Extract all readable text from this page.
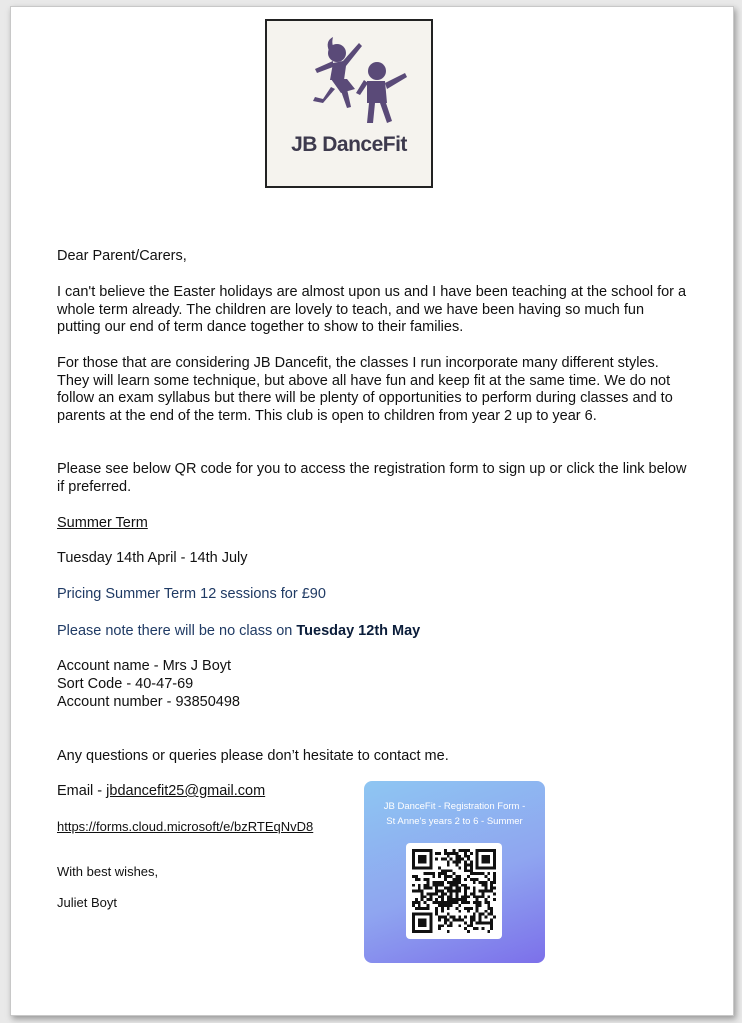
JB DanceFit
Dear Parent/Carers,
I can't believe the Easter holidays are almost upon us and I have been teaching at the school for a whole term already. The children are lovely to teach, and we have been having so much fun putting our end of term dance together to show to their families.
For those that are considering JB Dancefit, the classes I run incorporate many different styles. They will learn some technique, but above all have fun and keep fit at the same time. We do not follow an exam syllabus but there will be plenty of opportunities to perform during classes and to parents at the end of the term. This club is open to children from year 2 up to year 6.
Please see below QR code for you to access the registration form to sign up or click the link below if preferred.
Summer Term
Tuesday 14th April - 14th July
Pricing Summer Term 12 sessions for £90
Please note there will be no class on Tuesday 12th May
Account name - Mrs J Boyt
Sort Code - 40-47-69
Account number - 93850498
Any questions or queries please don’t hesitate to contact me.
Email - jbdancefit25@gmail.com
https://forms.cloud.microsoft/e/bzRTEqNvD8
With best wishes,
Juliet Boyt
JB DanceFit - Registration Form -
St Anne's years 2 to 6 - Summer
